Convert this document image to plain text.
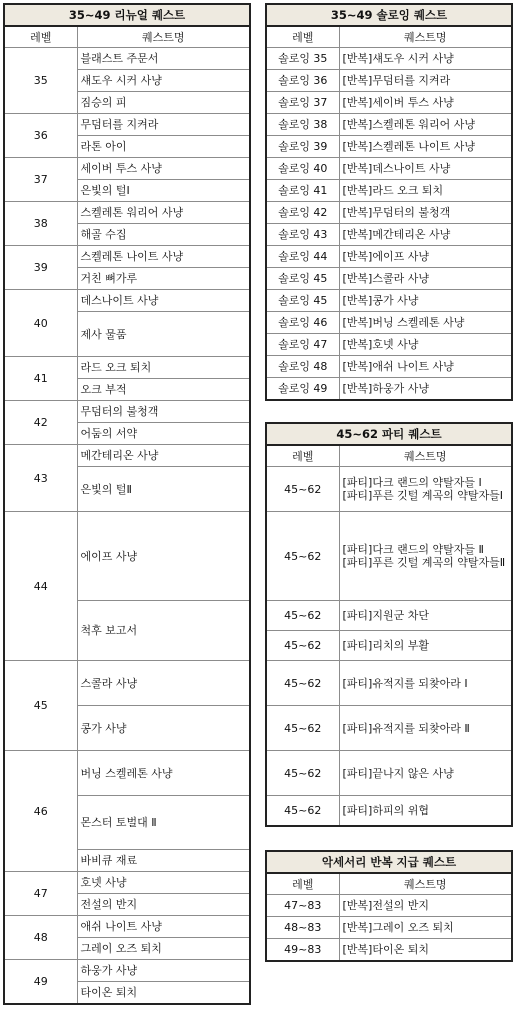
35~49 리뉴얼 퀘스트	
레벨	퀘스트명
35	블래스트 주문서
	섀도우 시커 사냥
	짐승의 피
36	무덤터를 지켜라
	라톤 아이
37	세이버 투스 사냥
	은빛의 털Ⅰ
38	스켈레톤 워리어 사냥
	해골 수집
39	스켈레톤 나이트 사냥
	거친 뼈가루
40	데스나이트 사냥
	제사 물품
41	라드 오크 퇴치
	오크 부적
42	무덤터의 불청객
	어둠의 서약
43	메간테리온 사냥
	은빛의 털Ⅱ
44	에이프 사냥
	척후 보고서
45	스콜라 사냥
	콩가 사냥
46	버닝 스켈레톤 사냥
	몬스터 토벌대 Ⅱ
	바비큐 재료
47	호넷 사냥
	전설의 반지
48	애쉬 나이트 사냥
	그레이 오즈 퇴치
49	하웅가 사냥
	타이온 퇴치
35~49 솔로잉 퀘스트	
레벨	퀘스트명
솔로잉 35	[반복]섀도우 시커 사냥
솔로잉 36	[반복]무덤터를 지켜라
솔로잉 37	[반복]세이버 투스 사냥
솔로잉 38	[반복]스켈레톤 워리어 사냥
솔로잉 39	[반복]스켈레톤 나이트 사냥
솔로잉 40	[반복]데스나이트 사냥
솔로잉 41	[반복]라드 오크 퇴치
솔로잉 42	[반복]무덤터의 불청객
솔로잉 43	[반복]메간테리온 사냥
솔로잉 44	[반복]에이프 사냥
솔로잉 45	[반복]스콜라 사냥
솔로잉 45	[반복]콩가 사냥
솔로잉 46	[반복]버닝 스켈레톤 사냥
솔로잉 47	[반복]호넷 사냥
솔로잉 48	[반복]애쉬 나이트 사냥
솔로잉 49	[반복]하웅가 사냥
45~62 파티 퀘스트	
레벨	퀘스트명
45~62	[파티]다크 랜드의 약탈자들 Ⅰ
[파티]푸른 깃털 계곡의 약탈자들Ⅰ
45~62	[파티]다크 랜드의 약탈자들 Ⅱ
[파티]푸른 깃털 계곡의 약탈자들Ⅱ
45~62	[파티]지원군 차단
45~62	[파티]리치의 부활
45~62	[파티]유적지를 되찾아라 Ⅰ
45~62	[파티]유적지를 되찾아라 Ⅱ
45~62	[파티]끝나지 않은 사냥
45~62	[파티]하피의 위협
악세서리 반복 지급 퀘스트	
레벨	퀘스트명
47~83	[반복]전설의 반지
48~83	[반복]그레이 오즈 퇴치
49~83	[반복]타이온 퇴치
